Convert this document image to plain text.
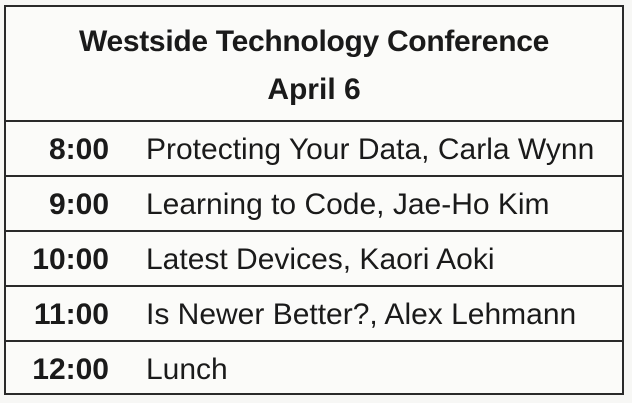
Westside Technology Conference
April 6
8:00 Protecting Your Data, Carla Wynn
9:00 Learning to Code, Jae-Ho Kim
10:00 Latest Devices, Kaori Aoki
11:00 Is Newer Better?, Alex Lehmann
12:00 Lunch
